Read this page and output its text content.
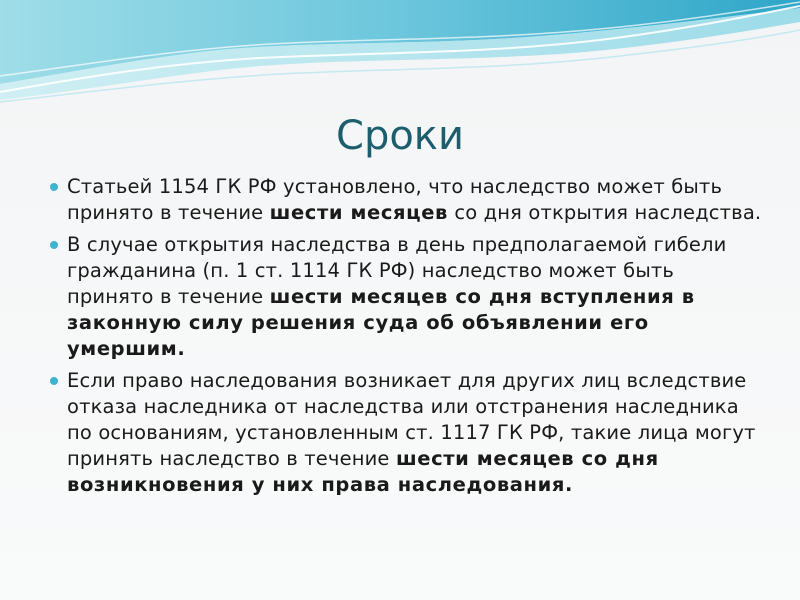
Сроки
Статьей 1154 ГК РФ установлено, что наследство может быть принято в течение шести месяцев со дня открытия наследства.
В случае открытия наследства в день предполагаемой гибели гражданина (п. 1 ст. 1114 ГК РФ) наследство может быть принято в течение шести месяцев со дня вступления в законную силу решения суда об объявлении его умершим.
Если право наследования возникает для других лиц вследствие отказа наследника от наследства или отстранения наследника по основаниям, установленным ст. 1117 ГК РФ, такие лица могут принять наследство в течение шести месяцев со дня возникновения у них права наследования.
